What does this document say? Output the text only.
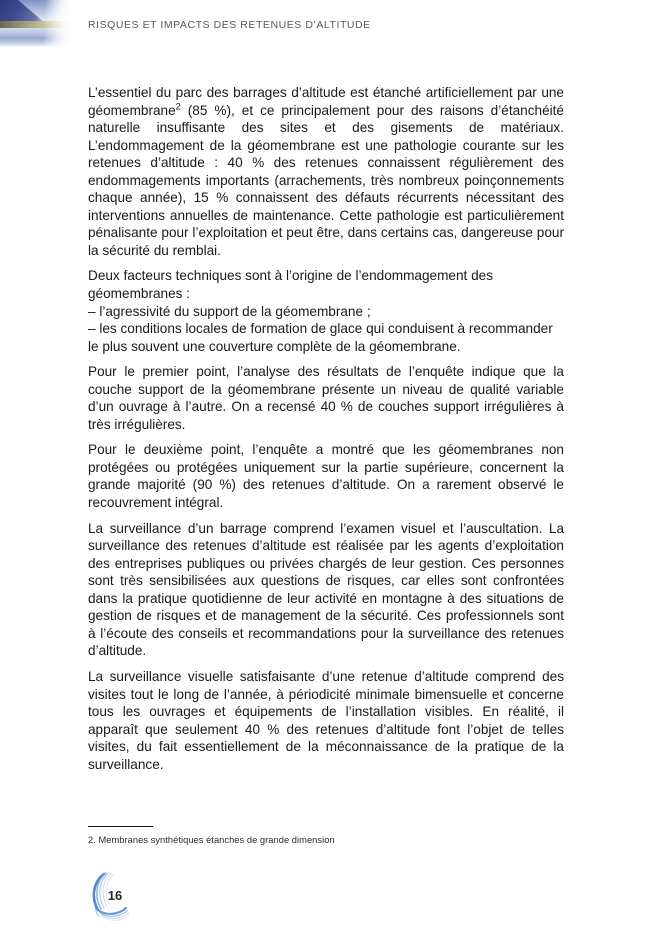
RISQUES ET IMPACTS DES RETENUES D’ALTITUDE

L’essentiel du parc des barrages d’altitude est étanché artificiellement par une géomembrane$^2$ (85 %), et ce principalement pour des raisons d’étanchéité naturelle insuffisante des sites et des gisements de matériaux. L’endommagement de la géomembrane est une pathologie courante sur les retenues d’altitude : 40 % des retenues connaissent régulièrement des endommagements importants (arrachements, très nombreux poinçonnements chaque année), 15 % connaissent des défauts récurrents nécessitant des interventions annuelles de maintenance. Cette pathologie est particulièrement pénalisante pour l’exploitation et peut être, dans certains cas, dangereuse pour la sécurité du remblai.

Deux facteurs techniques sont à l’origine de l’endommagement des géomembranes :
– l’agressivité du support de la géomembrane ;
– les conditions locales de formation de glace qui conduisent à recommander le plus souvent une couverture complète de la géomembrane.

Pour le premier point, l’analyse des résultats de l’enquête indique que la couche support de la géomembrane présente un niveau de qualité variable d’un ouvrage à l’autre. On a recensé 40 % de couches support irrégulières à très irrégulières.

Pour le deuxième point, l’enquête a montré que les géomembranes non protégées ou protégées uniquement sur la partie supérieure, concernent la grande majorité (90 %) des retenues d’altitude. On a rarement observé le recouvrement intégral.

La surveillance d’un barrage comprend l’examen visuel et l’auscultation. La surveillance des retenues d’altitude est réalisée par les agents d’exploitation des entreprises publiques ou privées chargés de leur gestion. Ces personnes sont très sensibilisées aux questions de risques, car elles sont confrontées dans la pratique quotidienne de leur activité en montagne à des situations de gestion de risques et de management de la sécurité. Ces professionnels sont à l’écoute des conseils et recommandations pour la surveillance des retenues d’altitude.

La surveillance visuelle satisfaisante d’une retenue d’altitude comprend des visites tout le long de l’année, à périodicité minimale bimensuelle et concerne tous les ouvrages et équipements de l’installation visibles. En réalité, il apparaît que seulement 40 % des retenues d’altitude font l’objet de telles visites, du fait essentiellement de la méconnaissance de la pratique de la surveillance.

2. Membranes synthétiques étanches de grande dimension
16
